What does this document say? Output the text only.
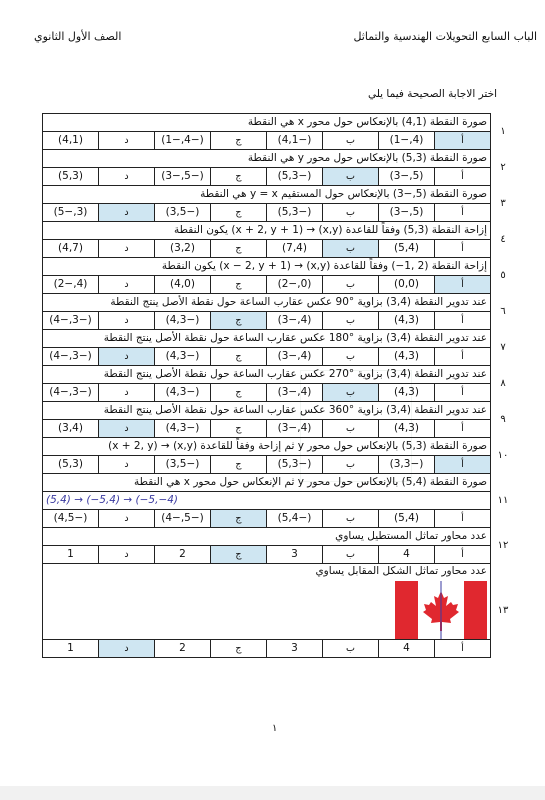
الباب السابع التحويلات الهندسية والتماثل
الصف الأول الثانوي
اختر الاجابة الصحيحة فيما يلي
١	صورة النقطة (4,1) بالإنعكاس حول محور x هي النقطة							
	أ	(4,−1)	ب	(−4,1)	ج	(−4,−1)	د	(4,1)
٢	صورة النقطة (5,3) بالإنعكاس حول محور y هي النقطة							
	أ	(5,−3)	ب	(−5,3)	ج	(−5,−3)	د	(5,3)
٣	صورة النقطة (5,−3) بالإنعكاس حول المستقيم y = x هي النقطة							
	أ	(5,−3)	ب	(−5,3)	ج	(−3,5)	د	(3,−5)
٤	إزاحة النقطة (5,3) وفقاً للقاعدة (x,y) → (x + 2, y + 1) يكون النقطة							
	أ	(5,4)	ب	(7,4)	ج	(3,2)	د	(4,7)
٥	إزاحة النقطة (2 ,1−) وفقاً للقاعدة (x,y) → (x − 2, y + 1) يكون النقطة							
	أ	(0,0)	ب	(0,−2)	ج	(4,0)	د	(4,−2)
٦	عند تدوير النقطة (3,4) بزاوية °90 عكس عقارب الساعة حول نقطة الأصل ينتج النقطة							
	أ	(4,3)	ب	(4,−3)	ج	(−4,3)	د	(−3,−4)
٧	عند تدوير النقطة (3,4) بزاوية °180 عكس عقارب الساعة حول نقطة الأصل ينتج النقطة							
	أ	(4,3)	ب	(4,−3)	ج	(−4,3)	د	(−3,−4)
٨	عند تدوير النقطة (3,4) بزاوية °270 عكس عقارب الساعة حول نقطة الأصل ينتج النقطة							
	أ	(4,3)	ب	(4,−3)	ج	(−4,3)	د	(−3,−4)
٩	عند تدوير النقطة (3,4) بزاوية °360 عكس عقارب الساعة حول نقطة الأصل ينتج النقطة							
	أ	(4,3)	ب	(4,−3)	ج	(−4,3)	د	(3,4)
١٠	صورة النقطة (5,3) بالإنعكاس حول محور y ثم إزاحة وفقاً للقاعدة (x,y) → (x + 2, y)							
	أ	(−3,3)	ب	(−5,3)	ج	(−3,5)	د	(5,3)
١١	صورة النقطة (5,4) بالإنعكاس حول محور y ثم الإنعكاس حول محور x هي النقطة							
	(5,4) → (−5,4) → (−5,−4)							
	أ	(5,4)	ب	(−5,4)	ج	(−5,−4)	د	(−4,5)
١٢	عدد محاور تماثل المستطيل يساوي							
	أ	4	ب	3	ج	2	د	1
١٣	عدد محاور تماثل الشكل المقابل يساوي							

	أ	4	ب	3	ج	2	د	1
١
